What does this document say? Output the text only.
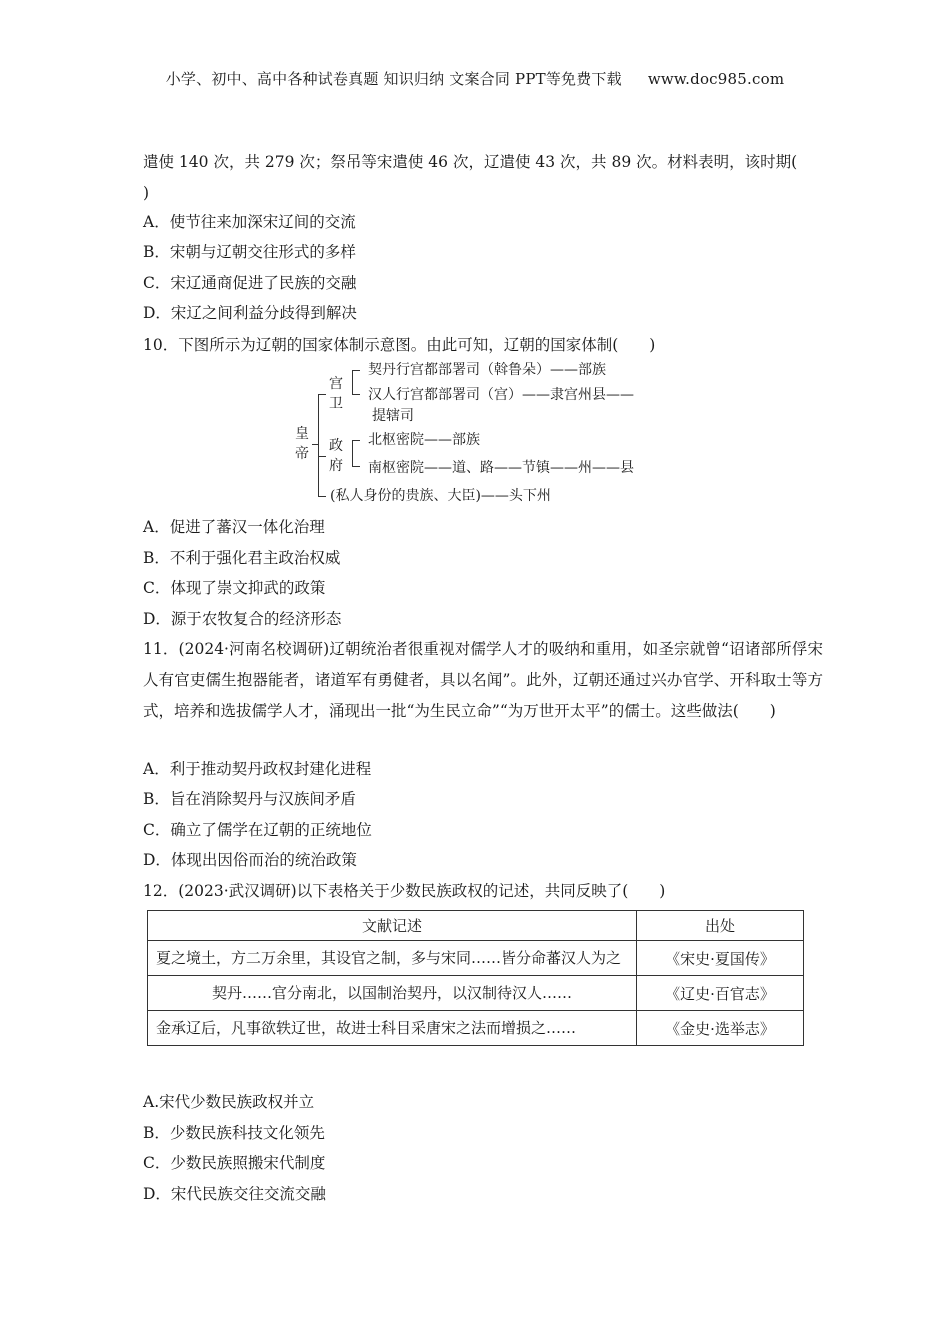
小学、初中、高中各种试卷真题 知识归纳 文案合同 PPT等免费下载 www.doc985.com
遣使 140 次，共 279 次；祭吊等宋遣使 46 次，辽遣使 43 次，共 89 次。材料表明，该时期(
)
A．使节往来加深宋辽间的交流
B．宋朝与辽朝交往形式的多样
C．宋辽通商促进了民族的交融
D．宋辽之间利益分歧得到解决
10．下图所示为辽朝的国家体制示意图。由此可知，辽朝的国家体制(　　)
皇帝
宫卫
契丹行宫都部署司（斡鲁朵）——部族
汉人行宫都部署司（宫）——隶宫州县——
提辖司
政府
北枢密院——部族
南枢密院——道、路——节镇——州——县
(私人身份的贵族、大臣)——头下州
A．促进了蕃汉一体化治理
B．不利于强化君主政治权威
C．体现了崇文抑武的政策
D．源于农牧复合的经济形态
11．(2024·河南名校调研)辽朝统治者很重视对儒学人才的吸纳和重用，如圣宗就曾“诏诸部所俘宋人有官吏儒生抱器能者，诸道军有勇健者，具以名闻”。此外，辽朝还通过兴办官学、开科取士等方式，培养和选拔儒学人才，涌现出一批“为生民立命”“为万世开太平”的儒士。这些做法(　　)
A．利于推动契丹政权封建化进程
B．旨在消除契丹与汉族间矛盾
C．确立了儒学在辽朝的正统地位
D．体现出因俗而治的统治政策
12．(2023·武汉调研)以下表格关于少数民族政权的记述，共同反映了(　　)
文献记述	出处
夏之境土，方二万余里，其设官之制，多与宋同……皆分命蕃汉人为之	《宋史·夏国传》
契丹……官分南北，以国制治契丹，以汉制待汉人……	《辽史·百官志》
金承辽后，凡事欲轶辽世，故进士科目采唐宋之法而增损之……	《金史·选举志》
A.宋代少数民族政权并立
B．少数民族科技文化领先
C．少数民族照搬宋代制度
D．宋代民族交往交流交融
